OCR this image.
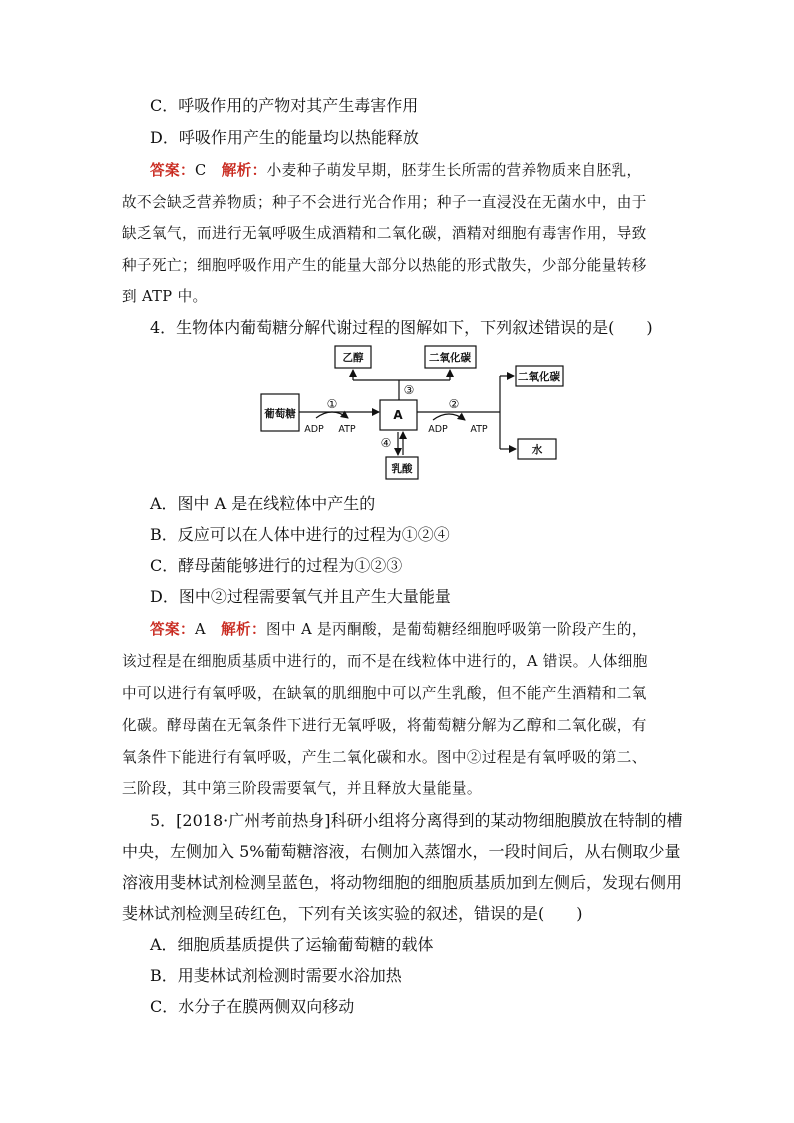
C．呼吸作用的产物对其产生毒害作用
D．呼吸作用产生的能量均以热能释放
答案：C 解析：小麦种子萌发早期，胚芽生长所需的营养物质来自胚乳，
故不会缺乏营养物质；种子不会进行光合作用；种子一直浸没在无菌水中，由于
缺乏氧气，而进行无氧呼吸生成酒精和二氧化碳，酒精对细胞有毒害作用，导致
种子死亡；细胞呼吸作用产生的能量大部分以热能的形式散失，少部分能量转移
到 ATP 中。
4．生物体内葡萄糖分解代谢过程的图解如下，下列叙述错误的是(　　)
葡萄糖	A
乙醇	二氧化碳
二氧化碳
水
乳酸
ADP ATP	ADP ATP
①	②
③
④
A．图中 A 是在线粒体中产生的
B．反应可以在人体中进行的过程为①②④
C．酵母菌能够进行的过程为①②③
D．图中②过程需要氧气并且产生大量能量
答案：A 解析：图中 A 是丙酮酸，是葡萄糖经细胞呼吸第一阶段产生的，
该过程是在细胞质基质中进行的，而不是在线粒体中进行的，A 错误。人体细胞
中可以进行有氧呼吸，在缺氧的肌细胞中可以产生乳酸，但不能产生酒精和二氧
化碳。酵母菌在无氧条件下进行无氧呼吸，将葡萄糖分解为乙醇和二氧化碳，有
氧条件下能进行有氧呼吸，产生二氧化碳和水。图中②过程是有氧呼吸的第二、
三阶段，其中第三阶段需要氧气，并且释放大量能量。
5．[2018·广州考前热身]科研小组将分离得到的某动物细胞膜放在特制的槽
中央，左侧加入 5%葡萄糖溶液，右侧加入蒸馏水，一段时间后，从右侧取少量
溶液用斐林试剂检测呈蓝色，将动物细胞的细胞质基质加到左侧后，发现右侧用
斐林试剂检测呈砖红色，下列有关该实验的叙述，错误的是(　　)
A．细胞质基质提供了运输葡萄糖的载体
B．用斐林试剂检测时需要水浴加热
C．水分子在膜两侧双向移动
